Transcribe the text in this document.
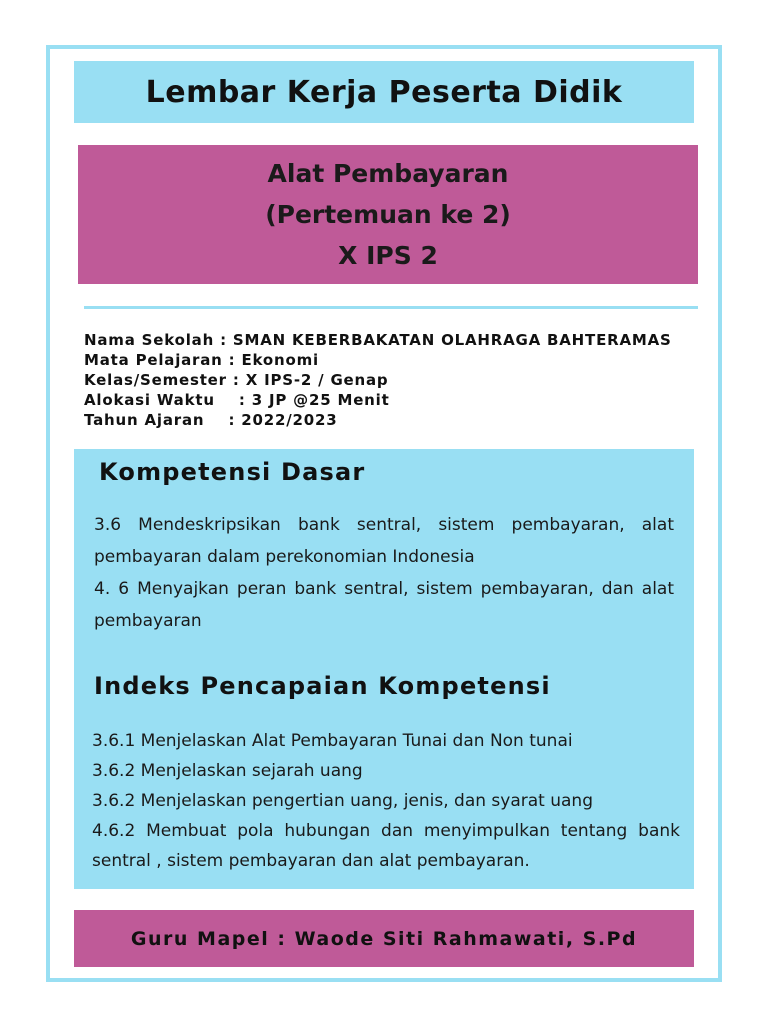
Lembar Kerja Peserta Didik
Alat Pembayaran
(Pertemuan ke 2)
X IPS 2
Nama Sekolah : SMAN KEBERBAKATAN OLAHRAGA BAHTERAMAS
Mata Pelajaran : Ekonomi
Kelas/Semester : X IPS-2 / Genap
Alokasi Waktu    : 3 JP @25 Menit
Tahun Ajaran    : 2022/2023
Kompetensi Dasar

3.6 Mendeskripsikan bank sentral, sistem pembayaran, alat pembayaran dalam perekonomian Indonesia

4. 6 Menyajkan peran bank sentral, sistem pembayaran, dan alat pembayaran

Indeks Pencapaian Kompetensi

3.6.1 Menjelaskan Alat Pembayaran Tunai dan Non tunai

3.6.2 Menjelaskan sejarah uang

3.6.2 Menjelaskan pengertian uang, jenis, dan syarat uang

4.6.2 Membuat pola hubungan dan menyimpulkan tentang bank sentral , sistem pembayaran dan alat pembayaran.

Guru Mapel : Waode Siti Rahmawati, S.Pd
